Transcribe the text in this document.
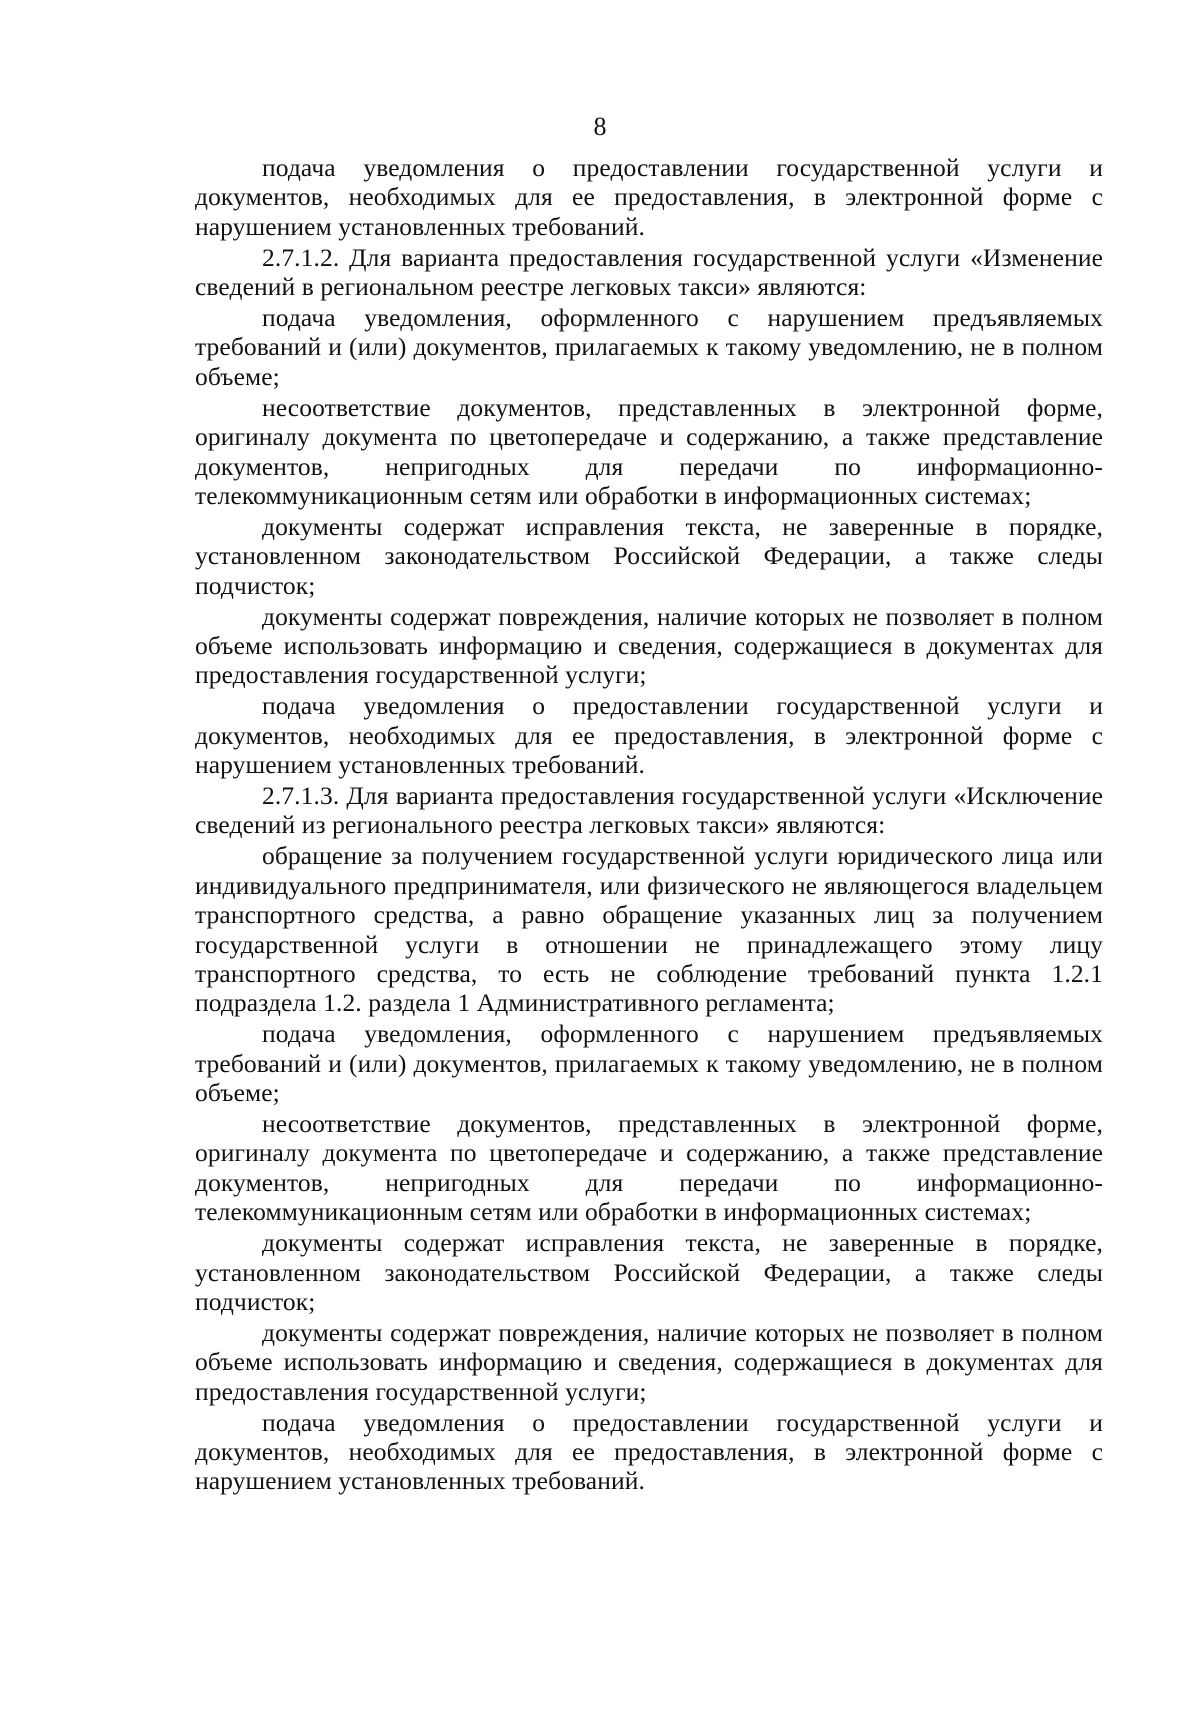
8

подача уведомления о предоставлении государственной услуги и документов, необходимых для ее предоставления, в электронной форме с нарушением установленных требований.

2.7.1.2. Для варианта предоставления государственной услуги «Изменение сведений в региональном реестре легковых такси» являются:

подача уведомления, оформленного с нарушением предъявляемых требований и (или) документов, прилагаемых к такому уведомлению, не в полном объеме;

несоответствие документов, представленных в электронной форме, оригиналу документа по цветопередаче и содержанию, а также представление документов, непригодных для передачи по информационно-телекоммуникационным сетям или обработки в информационных системах;

документы содержат исправления текста, не заверенные в порядке, установленном законодательством Российской Федерации, а также следы подчисток;

документы содержат повреждения, наличие которых не позволяет в полном объеме использовать информацию и сведения, содержащиеся в документах для предоставления государственной услуги;

подача уведомления о предоставлении государственной услуги и документов, необходимых для ее предоставления, в электронной форме с нарушением установленных требований.

2.7.1.3. Для варианта предоставления государственной услуги «Исключение сведений из регионального реестра легковых такси» являются:

обращение за получением государственной услуги юридического лица или индивидуального предпринимателя, или физического не являющегося владельцем транспортного средства, а равно обращение указанных лиц за получением государственной услуги в отношении не принадлежащего этому лицу транспортного средства, то есть не соблюдение требований пункта 1.2.1 подраздела 1.2. раздела 1 Административного регламента;

подача уведомления, оформленного с нарушением предъявляемых требований и (или) документов, прилагаемых к такому уведомлению, не в полном объеме;

несоответствие документов, представленных в электронной форме, оригиналу документа по цветопередаче и содержанию, а также представление документов, непригодных для передачи по информационно-телекоммуникационным сетям или обработки в информационных системах;

документы содержат исправления текста, не заверенные в порядке, установленном законодательством Российской Федерации, а также следы подчисток;

документы содержат повреждения, наличие которых не позволяет в полном объеме использовать информацию и сведения, содержащиеся в документах для предоставления государственной услуги;

подача уведомления о предоставлении государственной услуги и документов, необходимых для ее предоставления, в электронной форме с нарушением установленных требований.
